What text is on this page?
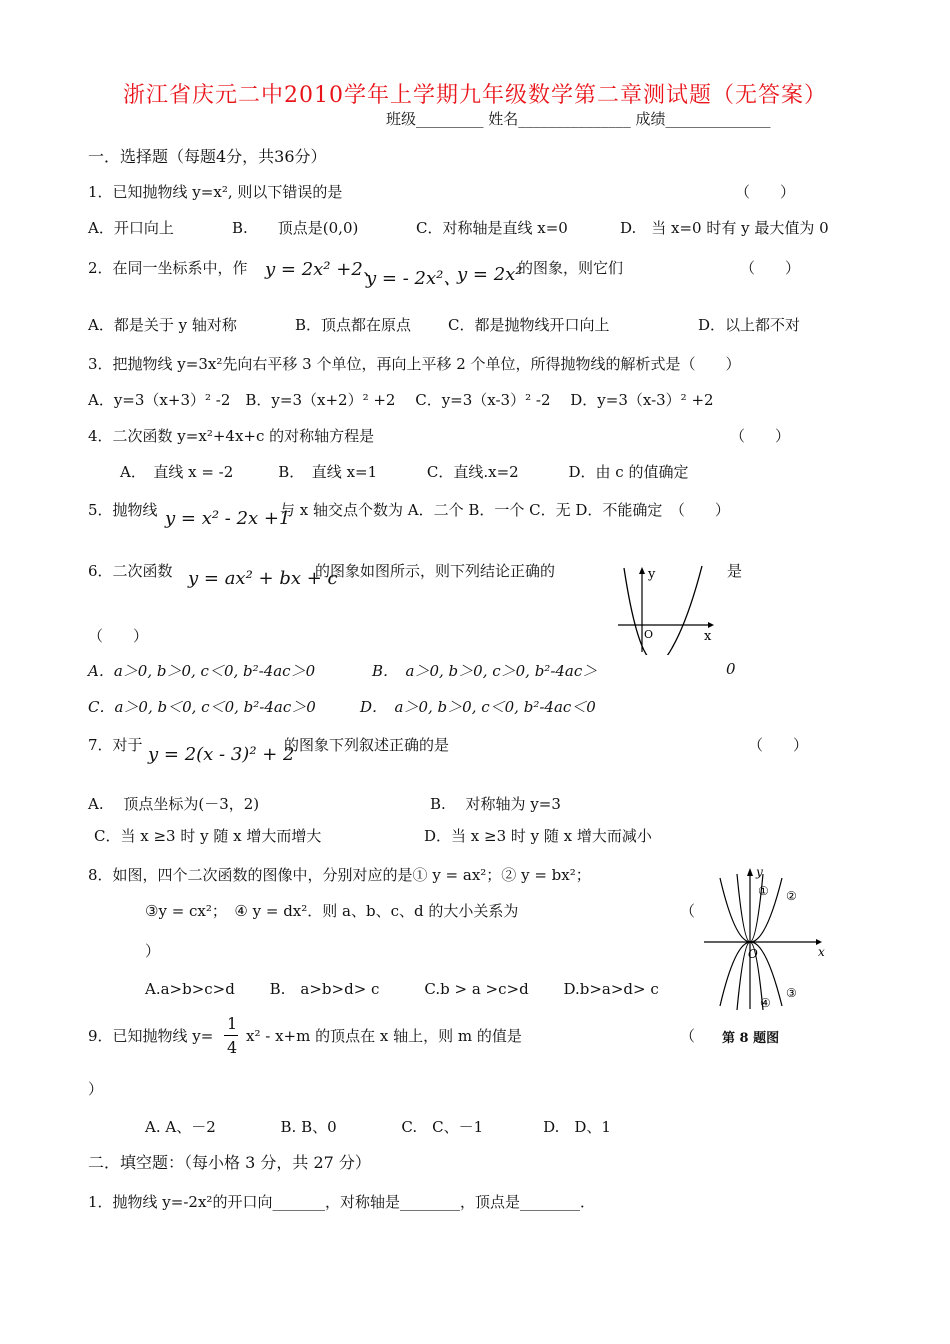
浙江省庆元二中2010学年上学期九年级数学第二章测试题（无答案）
班级_________ 姓名_______________ 成绩______________
一．选择题（每题4分，共36分）
1．已知抛物线 y=x², 则以下错误的是	（　　）
A．开口向上	B.　　顶点是(0,0)	C．对称轴是直线 x=0	D.　当 x=0 时有 y 最大值为 0
2．在同一坐标系中，作 y = 2x² +2、
y = - 2x²、
y = 2x²
的图象，则它们	（　　）
A．都是关于 y 轴对称	B．顶点都在原点 C．都是抛物线开口向上	D．以上都不对
3．把抛物线 y=3x²先向右平移 3 个单位，再向上平移 2 个单位，所得抛物线的解析式是（　　）
A．y=3（x+3）² -2　B．y=3（x+2）² +2　 C．y=3（x-3）² -2　 D．y=3（x-3）² +2
4．二次函数 y=x²+4x+c 的对称轴方程是	（　　）
A．　直线 x = -2　　　B．　直线 x=1　　　 C．直线.x=2　　　 D．由 c 的值确定
5．抛物线 y = x² - 2x +1
与 x 轴交点个数为 A．二个 B．一个 C．无 D．不能确定　（　　）
6．二次函数 y = ax² + bx + c
的图象如图所示，则下列结论正确的	是
（　　）
y
x
O
A．a＞0, b＞0, c＜0, b²-4ac＞0	B．　a＞0, b＞0, c＞0, b²-4ac＞	0
C．a＞0, b＜0, c＜0, b²-4ac＞0	D．　a＞0, b＞0, c＜0, b²-4ac＜0
7．对于 y = 2(x - 3)² + 2
的图象下列叙述正确的是	（　　）
A.　 顶点坐标为(－3，2)	B.　 对称轴为 y=3
C．当 x ≥3 时 y 随 x 增大而增大	D．当 x ≥3 时 y 随 x 增大而减小
8．如图，四个二次函数的图像中，分别对应的是① y = ax²；② y = bx²；
③y = cx²；　④ y = dx²．则 a、b、c、d 的大小关系为	（
）
A.a>b>c>d　　 B.　a>b>d> c　　　C.b > a >c>d　　 D.b>a>d> c
① ②
③
④
y
x
O
第 8 题图
9．已知抛物线 y=
1
4
x² - x+m 的顶点在 x 轴上，则 m 的值是	（
）
A. A、－2　　　　 B. B、0　　　　 C.　C、－1　　　　D.　D、1
二．填空题：（每小格 3 分，共 27 分）
1．抛物线 y=-2x²的开口向_______，对称轴是________，顶点是________．
